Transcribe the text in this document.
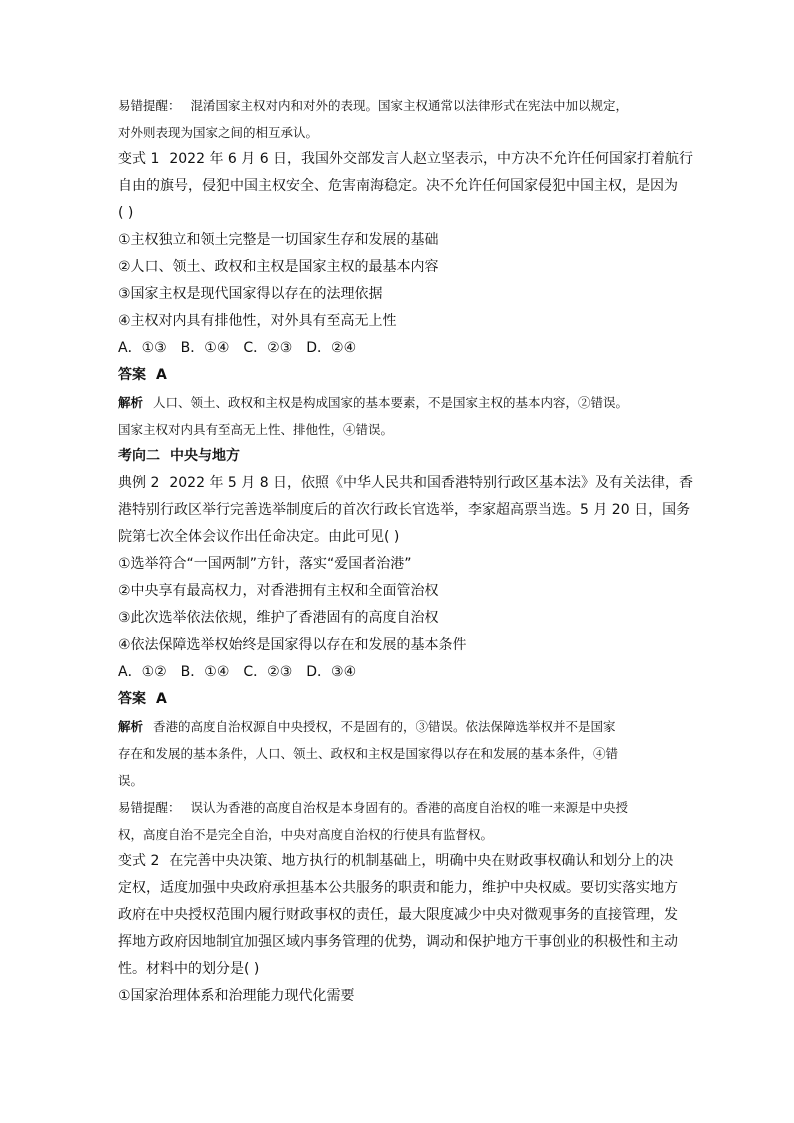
易错提醒： 混淆国家主权对内和对外的表现。国家主权通常以法律形式在宪法中加以规定，
对外则表现为国家之间的相互承认。
变式 1 2022 年 6 月 6 日，我国外交部发言人赵立坚表示，中方决不允许任何国家打着航行
自由的旗号，侵犯中国主权安全、危害南海稳定。决不允许任何国家侵犯中国主权，是因为
( )
①主权独立和领土完整是一切国家生存和发展的基础
②人口、领土、政权和主权是国家主权的最基本内容
③国家主权是现代国家得以存在的法理依据
④主权对内具有排他性，对外具有至高无上性
A．①③　B．①④　C．②③　D．②④
答案 A
解析 人口、领土、政权和主权是构成国家的基本要素，不是国家主权的基本内容，②错误。
国家主权对内具有至高无上性、排他性，④错误。
考向二 中央与地方
典例 2 2022 年 5 月 8 日，依照《中华人民共和国香港特别行政区基本法》及有关法律，香
港特别行政区举行完善选举制度后的首次行政长官选举，李家超高票当选。5 月 20 日，国务
院第七次全体会议作出任命决定。由此可见( )
①选举符合“一国两制”方针，落实“爱国者治港”
②中央享有最高权力，对香港拥有主权和全面管治权
③此次选举依法依规，维护了香港固有的高度自治权
④依法保障选举权始终是国家得以存在和发展的基本条件
A．①②　B．①④　C．②③　D．③④
答案 A
解析 香港的高度自治权源自中央授权，不是固有的，③错误。依法保障选举权并不是国家
存在和发展的基本条件，人口、领土、政权和主权是国家得以存在和发展的基本条件，④错
误。
易错提醒： 误认为香港的高度自治权是本身固有的。香港的高度自治权的唯一来源是中央授
权，高度自治不是完全自治，中央对高度自治权的行使具有监督权。
变式 2 在完善中央决策、地方执行的机制基础上，明确中央在财政事权确认和划分上的决
定权，适度加强中央政府承担基本公共服务的职责和能力，维护中央权威。要切实落实地方
政府在中央授权范围内履行财政事权的责任，最大限度减少中央对微观事务的直接管理，发
挥地方政府因地制宜加强区域内事务管理的优势，调动和保护地方干事创业的积极性和主动
性。材料中的划分是( )
①国家治理体系和治理能力现代化需要
